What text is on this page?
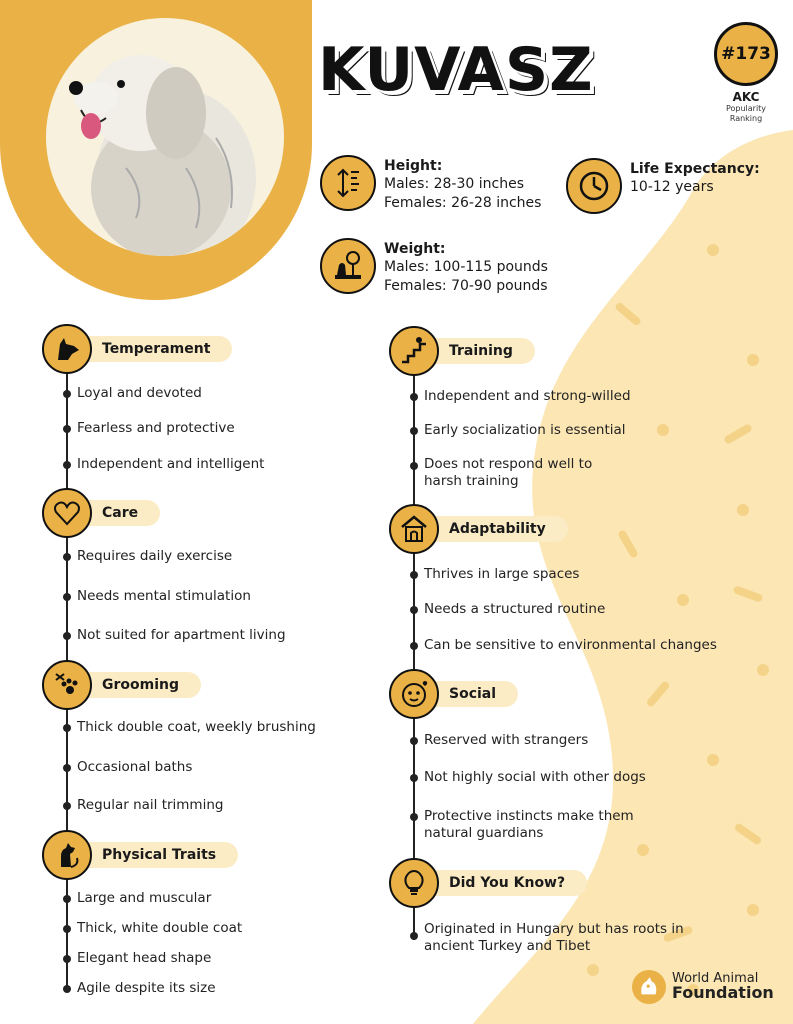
KUVASZ	#173
AKC
Popularity
Ranking
Height:
Males: 28-30 inches
Females: 26-28 inches
Life Expectancy:
10-12 years
Weight:
Males: 100-115 pounds
Females: 70-90 pounds
Temperament
Loyal and devoted
Fearless and protective
Independent and intelligent
Care
Requires daily exercise
Needs mental stimulation
Not suited for apartment living
Grooming
Thick double coat, weekly brushing
Occasional baths
Regular nail trimming
Physical Traits
Large and muscular
Thick, white double coat
Elegant head shape
Agile despite its size
Training
Independent and strong-willed
Early socialization is essential
Does not respond well to
harsh training
Adaptability
Thrives in large spaces
Needs a structured routine
Can be sensitive to environmental changes
Social
Reserved with strangers
Not highly social with other dogs
Protective instincts make them
natural guardians
Did You Know?
Originated in Hungary but has roots in
ancient Turkey and Tibet
World Animal
Foundation
